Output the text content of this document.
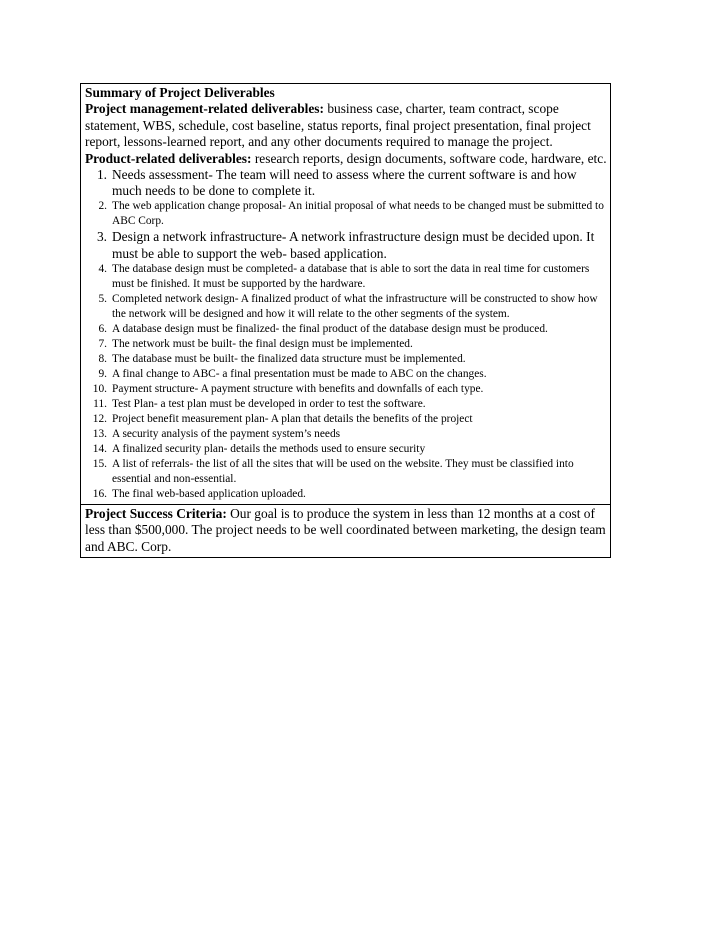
Summary of Project Deliverables

Project management-related deliverables: business case, charter, team contract, scope statement, WBS, schedule, cost baseline, status reports, final project presentation, final project report, lessons-learned report, and any other documents required to manage the project.

Product-related deliverables: research reports, design documents, software code, hardware, etc.

1. Needs assessment- The team will need to assess where the current software is and how much needs to be done to complete it.
2. The web application change proposal- An initial proposal of what needs to be changed must be submitted to ABC Corp.
3. Design a network infrastructure- A network infrastructure design must be decided upon. It must be able to support the web- based application.
4. The database design must be completed- a database that is able to sort the data in real time for customers must be finished. It must be supported by the hardware.
5. Completed network design- A finalized product of what the infrastructure will be constructed to show how the network will be designed and how it will relate to the other segments of the system.
6. A database design must be finalized- the final product of the database design must be produced.
7. The network must be built- the final design must be implemented.
8. The database must be built- the finalized data structure must be implemented.
9. A final change to ABC- a final presentation must be made to ABC on the changes.
10. Payment structure- A payment structure with benefits and downfalls of each type.
11. Test Plan- a test plan must be developed in order to test the software.
12. Project benefit measurement plan- A plan that details the benefits of the project
13. A security analysis of the payment system’s needs
14. A finalized security plan- details the methods used to ensure security
15. A list of referrals- the list of all the sites that will be used on the website. They must be classified into essential and non-essential.
16. The final web-based application uploaded.

Project Success Criteria: Our goal is to produce the system in less than 12 months at a cost of less than $500,000. The project needs to be well coordinated between marketing, the design team and ABC. Corp.
